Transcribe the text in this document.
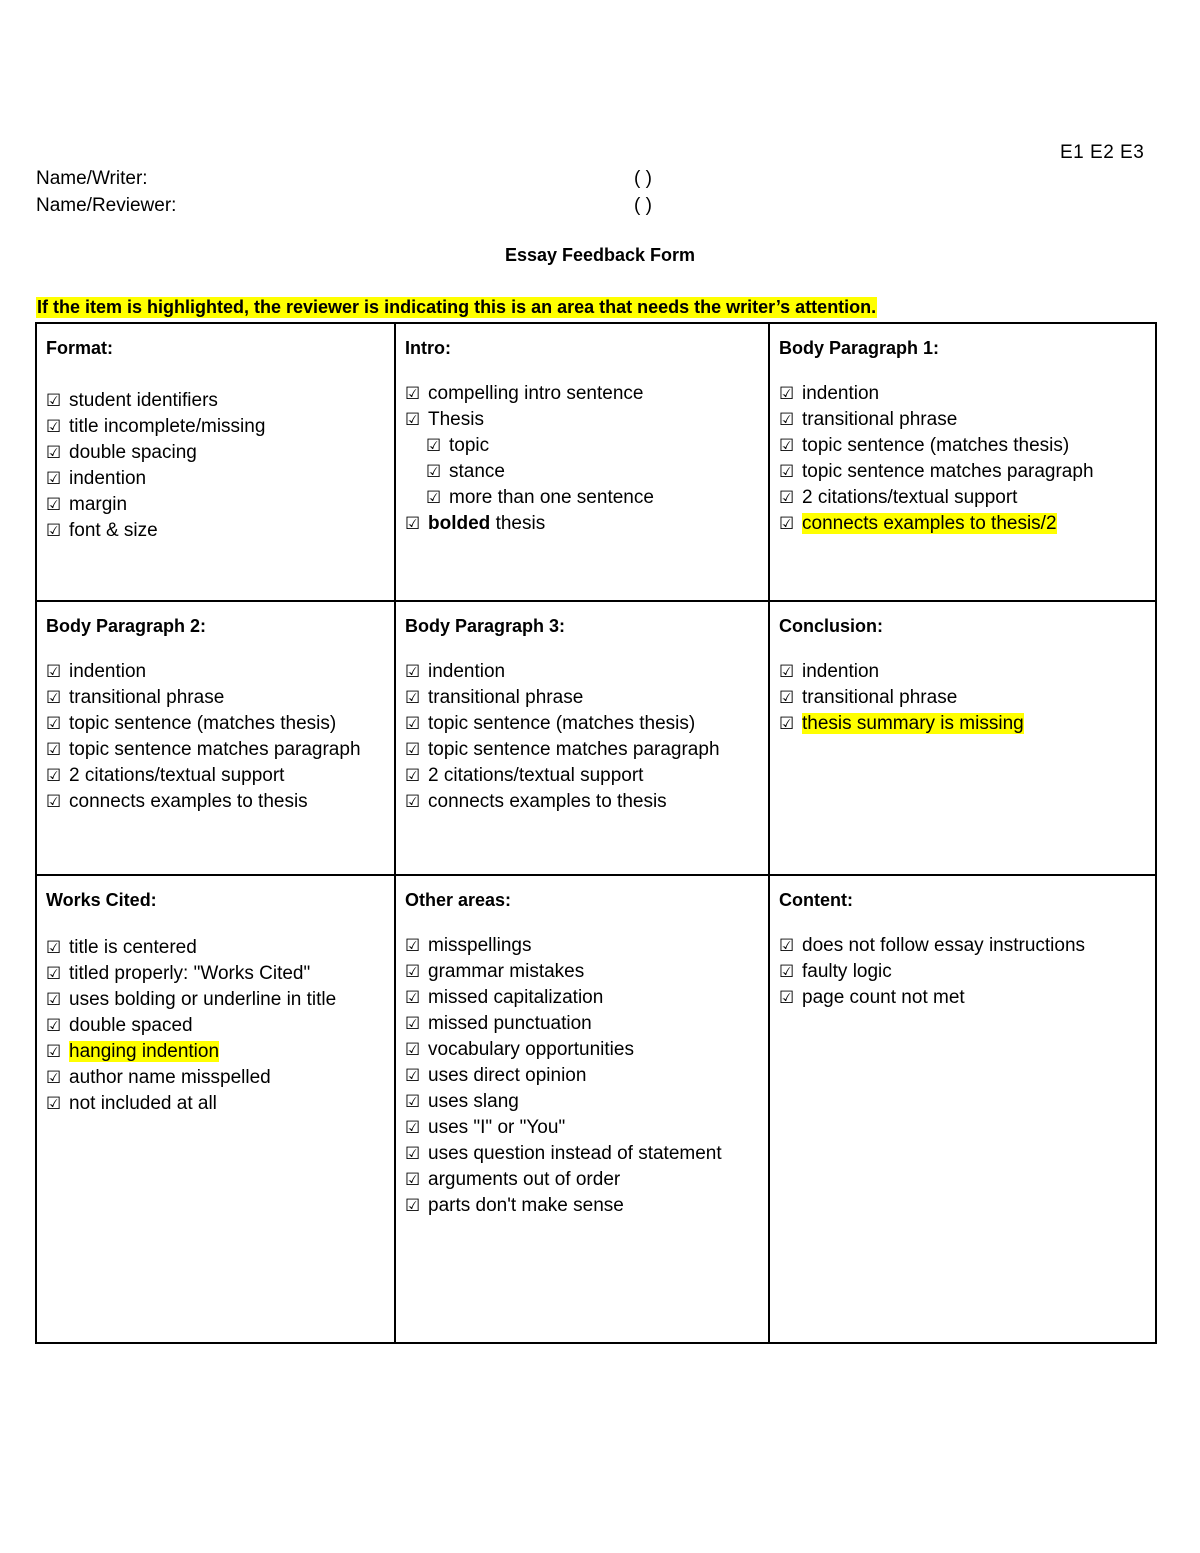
E1 E2 E3
Name/Writer:	( )
Name/Reviewer:	( )
Essay Feedback Form
If the item is highlighted, the reviewer is indicating this is an area that needs the writer’s attention.
Format:
☑ student identifiers
☑ title incomplete/missing
☑ double spacing
☑ indention
☑ margin
☑ font & size
Intro:
☑ compelling intro sentence
☑ Thesis
☑ topic
☑ stance
☑ more than one sentence
☑ bolded thesis
Body Paragraph 1:
☑ indention
☑ transitional phrase
☑ topic sentence (matches thesis)
☑ topic sentence matches paragraph
☑ 2 citations/textual support
☑ connects examples to thesis/2
Body Paragraph 2:
☑ indention
☑ transitional phrase
☑ topic sentence (matches thesis)
☑ topic sentence matches paragraph
☑ 2 citations/textual support
☑ connects examples to thesis
Body Paragraph 3:
☑ indention
☑ transitional phrase
☑ topic sentence (matches thesis)
☑ topic sentence matches paragraph
☑ 2 citations/textual support
☑ connects examples to thesis
Conclusion:
☑ indention
☑ transitional phrase
☑ thesis summary is missing
Works Cited:
☑ title is centered
☑ titled properly: "Works Cited"
☑ uses bolding or underline in title
☑ double spaced
☑ hanging indention
☑ author name misspelled
☑ not included at all
Other areas:
☑ misspellings
☑ grammar mistakes
☑ missed capitalization
☑ missed punctuation
☑ vocabulary opportunities
☑ uses direct opinion
☑ uses slang
☑ uses "I" or "You"
☑ uses question instead of statement
☑ arguments out of order
☑ parts don't make sense
Content:
☑ does not follow essay instructions
☑ faulty logic
☑ page count not met
